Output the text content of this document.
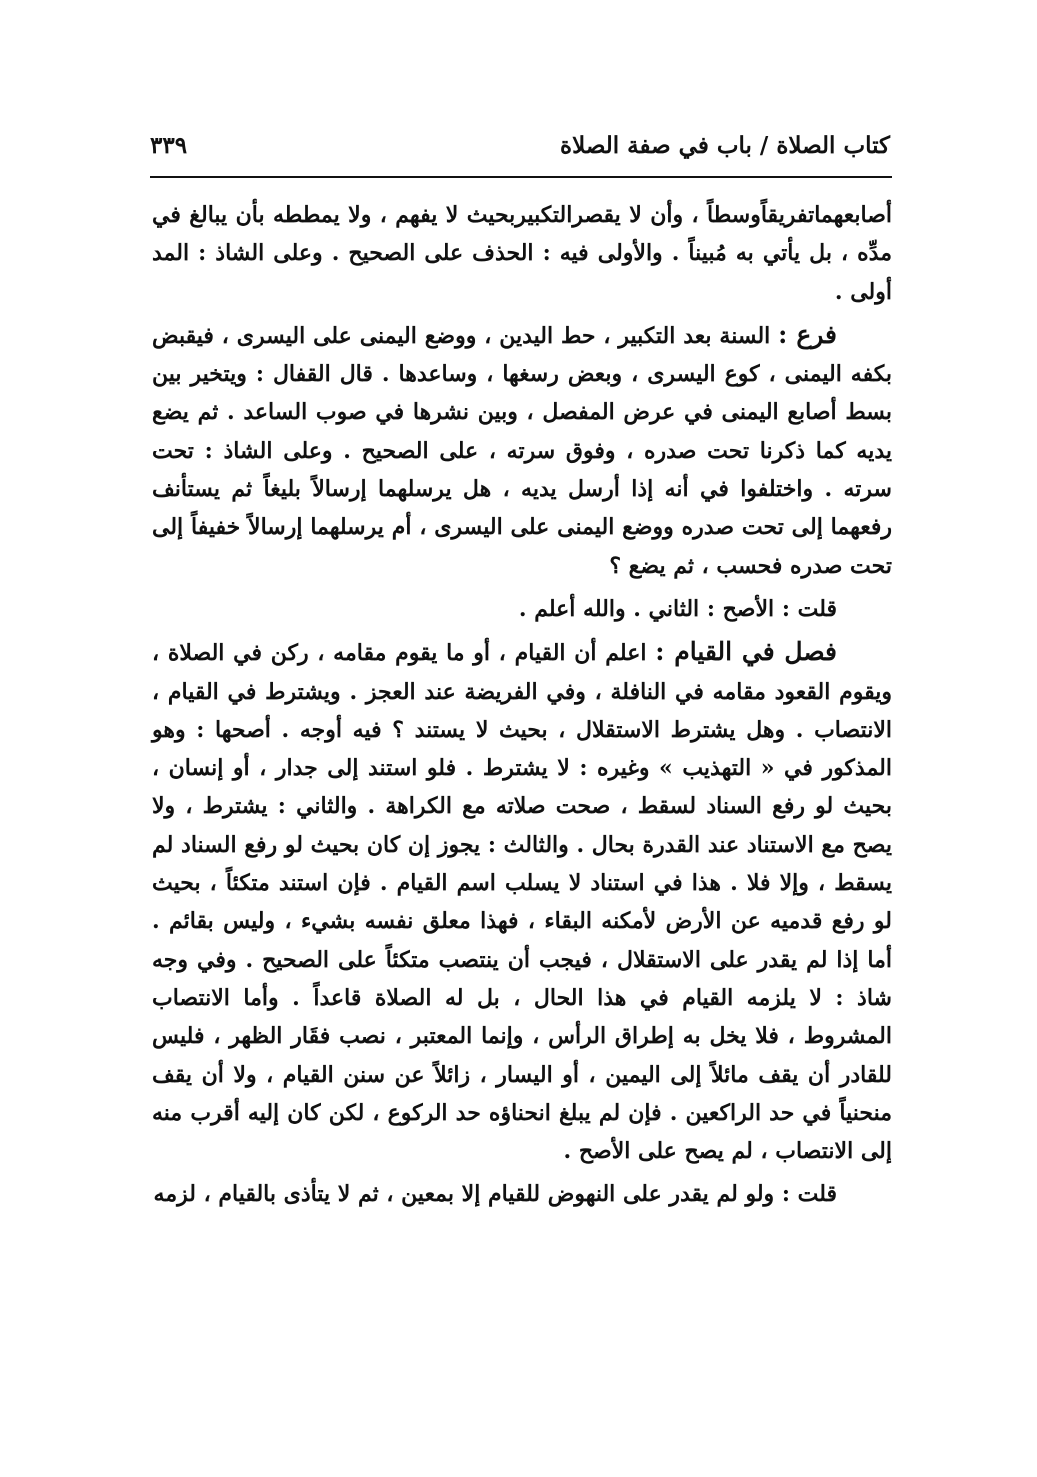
كتاب الصلاة / باب في صفة الصلاة
٣٣٩

أصابعهماتفريقاًوسطاً ، وأن لا يقصرالتكبيربحيث لا يفهم ، ولا يمططه بأن يبالغ في مدِّه ، بل يأتي به مُبيناً . والأولى فيه : الحذف على الصحيح . وعلى الشاذ : المد أولى .

فرع : السنة بعد التكبير ، حط اليدين ، ووضع اليمنى على اليسرى ، فيقبض بكفه اليمنى ، كوع اليسرى ، وبعض رسغها ، وساعدها . قال القفال : ويتخير بين بسط أصابع اليمنى في عرض المفصل ، وبين نشرها في صوب الساعد . ثم يضع يديه كما ذكرنا تحت صدره ، وفوق سرته ، على الصحيح . وعلى الشاذ : تحت سرته . واختلفوا في أنه إذا أرسل يديه ، هل يرسلهما إرسالاً بليغاً ثم يستأنف رفعهما إلى تحت صدره ووضع اليمنى على اليسرى ، أم يرسلهما إرسالاً خفيفاً إلى تحت صدره فحسب ، ثم يضع ؟

قلت : الأصح : الثاني . والله أعلم .

فصل في القيام : اعلم أن القيام ، أو ما يقوم مقامه ، ركن في الصلاة ، ويقوم القعود مقامه في النافلة ، وفي الفريضة عند العجز . ويشترط في القيام ، الانتصاب . وهل يشترط الاستقلال ، بحيث لا يستند ؟ فيه أوجه . أصحها : وهو المذكور في « التهذيب » وغيره : لا يشترط . فلو استند إلى جدار ، أو إنسان ، بحيث لو رفع السناد لسقط ، صحت صلاته مع الكراهة . والثاني : يشترط ، ولا يصح مع الاستناد عند القدرة بحال . والثالث : يجوز إن كان بحيث لو رفع السناد لم يسقط ، وإلا فلا . هذا في استناد لا يسلب اسم القيام . فإن استند متكئاً ، بحيث لو رفع قدميه عن الأرض لأمكنه البقاء ، فهذا معلق نفسه بشيء ، وليس بقائم . أما إذا لم يقدر على الاستقلال ، فيجب أن ينتصب متكئاً على الصحيح . وفي وجه شاذ : لا يلزمه القيام في هذا الحال ، بل له الصلاة قاعداً . وأما الانتصاب المشروط ، فلا يخل به إطراق الرأس ، وإنما المعتبر ، نصب فقَار الظهر ، فليس للقادر أن يقف مائلاً إلى اليمين ، أو اليسار ، زائلاً عن سنن القيام ، ولا أن يقف منحنياً في حد الراكعين . فإن لم يبلغ انحناؤه حد الركوع ، لكن كان إليه أقرب منه إلى الانتصاب ، لم يصح على الأصح .

قلت : ولو لم يقدر على النهوض للقيام إلا بمعين ، ثم لا يتأذى بالقيام ، لزمه
